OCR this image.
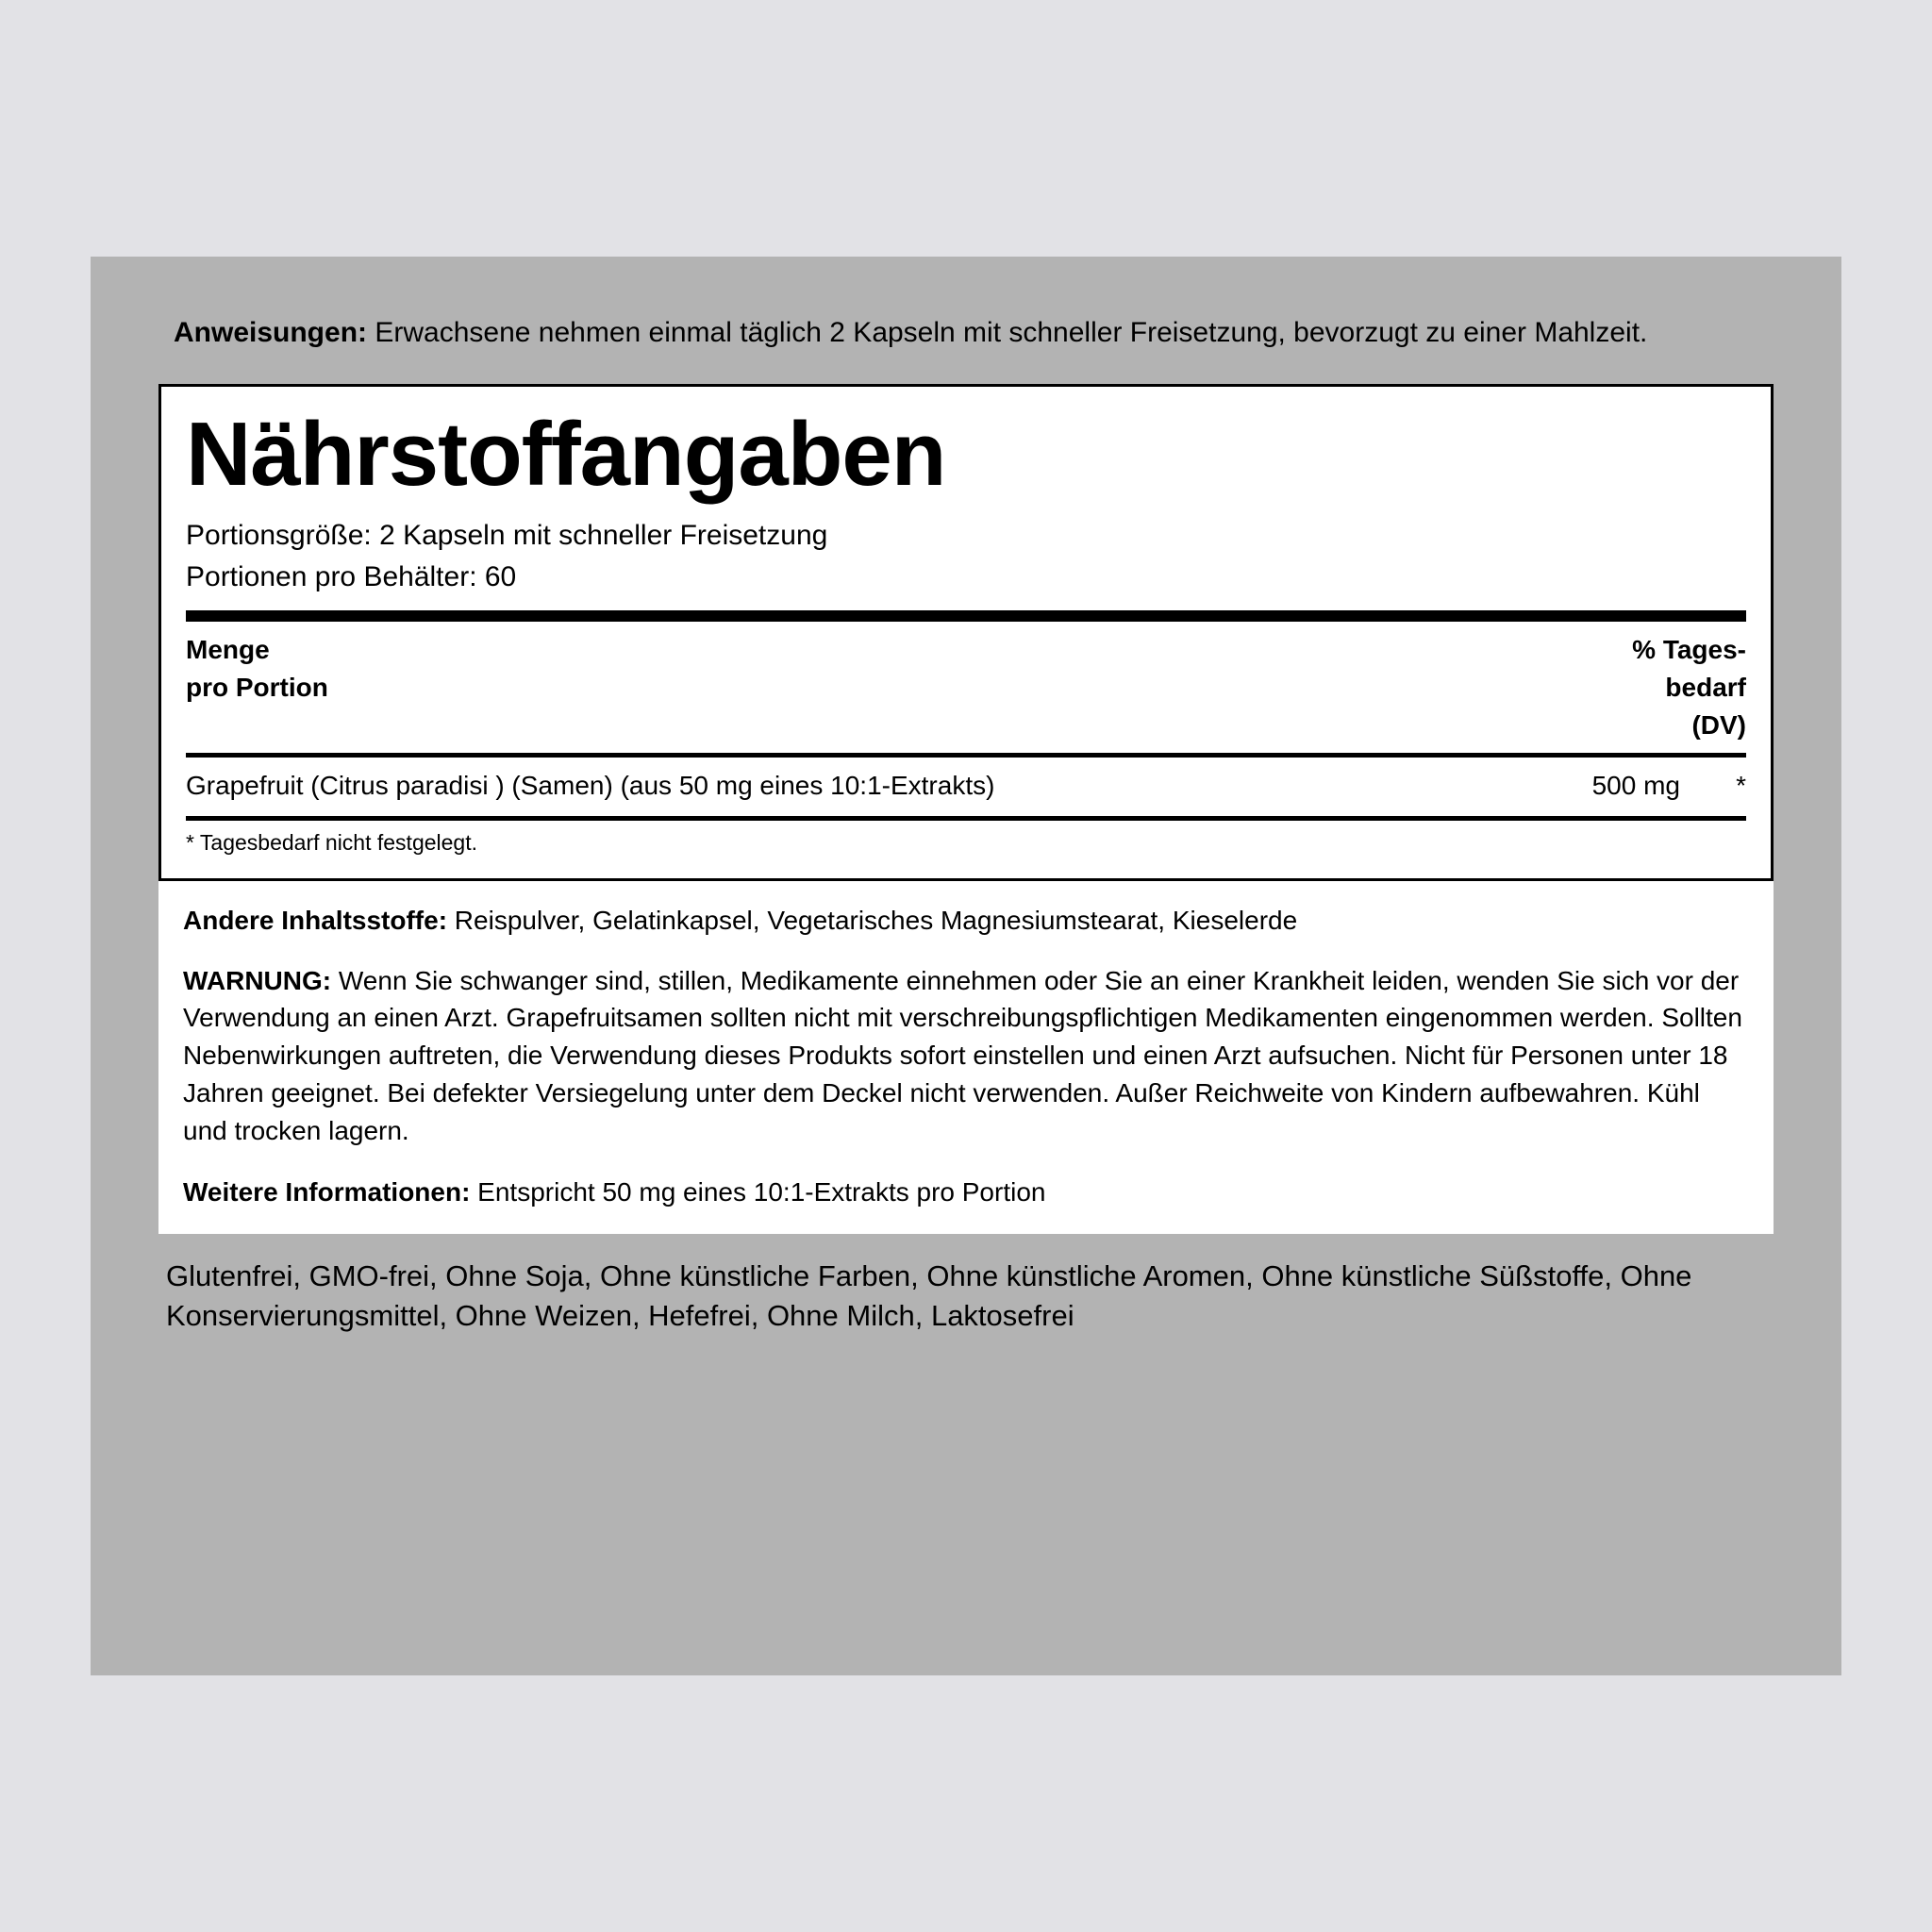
Anweisungen: Erwachsene nehmen einmal täglich 2 Kapseln mit schneller Freisetzung, bevorzugt zu einer Mahlzeit.
Nährstoffangaben
Portionsgröße: 2 Kapseln mit schneller Freisetzung
Portionen pro Behälter: 60
Menge
pro Portion
% Tages-
bedarf
(DV)
Grapefruit (Citrus paradisi ) (Samen) (aus 50 mg eines 10:1-Extrakts)	500 mg	*
* Tagesbedarf nicht festgelegt.
Andere Inhaltsstoffe: Reispulver, Gelatinkapsel, Vegetarisches Magnesiumstearat, Kieselerde
WARNUNG: Wenn Sie schwanger sind, stillen, Medikamente einnehmen oder Sie an einer Krankheit leiden, wenden Sie sich vor der Verwendung an einen Arzt. Grapefruitsamen sollten nicht mit verschreibungspflichtigen Medikamenten eingenommen werden. Sollten Nebenwirkungen auftreten, die Verwendung dieses Produkts sofort einstellen und einen Arzt aufsuchen. Nicht für Personen unter 18 Jahren geeignet. Bei defekter Versiegelung unter dem Deckel nicht verwenden. Außer Reichweite von Kindern aufbewahren. Kühl und trocken lagern.
Weitere Informationen: Entspricht 50 mg eines 10:1-Extrakts pro Portion
Glutenfrei, GMO-frei, Ohne Soja, Ohne künstliche Farben, Ohne künstliche Aromen, Ohne künstliche Süßstoffe, Ohne Konservierungsmittel, Ohne Weizen, Hefefrei, Ohne Milch, Laktosefrei
